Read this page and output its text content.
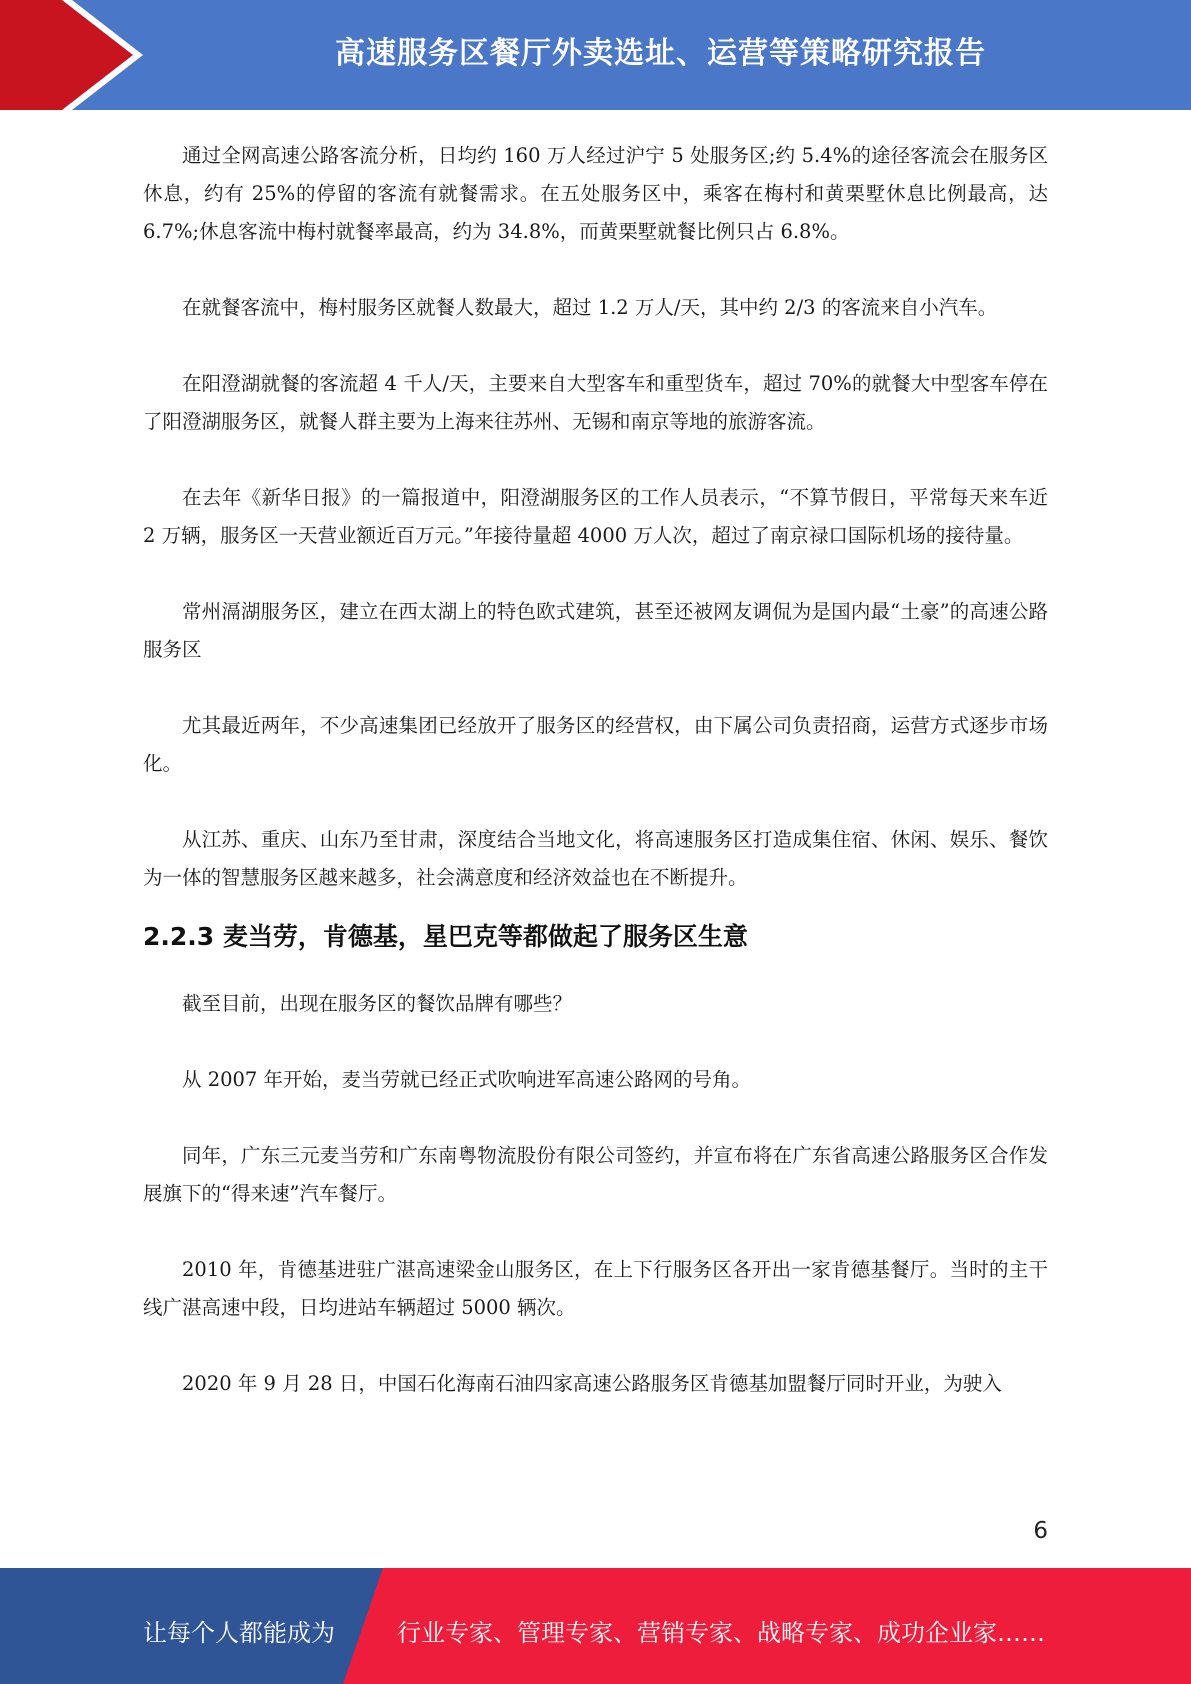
高速服务区餐厅外卖选址、运营等策略研究报告

通过全网高速公路客流分析，日均约 160 万人经过沪宁 5 处服务区;约 5.4%的途径客流会在服务区休息，约有 25%的停留的客流有就餐需求。在五处服务区中，乘客在梅村和黄栗墅休息比例最高，达 6.7%;休息客流中梅村就餐率最高，约为 34.8%，而黄栗墅就餐比例只占 6.8%。

在就餐客流中，梅村服务区就餐人数最大，超过 1.2 万人/天，其中约 2/3 的客流来自小汽车。

在阳澄湖就餐的客流超 4 千人/天，主要来自大型客车和重型货车，超过 70%的就餐大中型客车停在了阳澄湖服务区，就餐人群主要为上海来往苏州、无锡和南京等地的旅游客流。

在去年《新华日报》的一篇报道中，阳澄湖服务区的工作人员表示，“不算节假日，平常每天来车近 2 万辆，服务区一天营业额近百万元。”年接待量超 4000 万人次，超过了南京禄口国际机场的接待量。

常州滆湖服务区，建立在西太湖上的特色欧式建筑，甚至还被网友调侃为是国内最“土豪”的高速公路服务区

尤其最近两年，不少高速集团已经放开了服务区的经营权，由下属公司负责招商，运营方式逐步市场化。

从江苏、重庆、山东乃至甘肃，深度结合当地文化，将高速服务区打造成集住宿、休闲、娱乐、餐饮为一体的智慧服务区越来越多，社会满意度和经济效益也在不断提升。

2.2.3 麦当劳，肯德基，星巴克等都做起了服务区生意

截至目前，出现在服务区的餐饮品牌有哪些？

从 2007 年开始，麦当劳就已经正式吹响进军高速公路网的号角。

同年，广东三元麦当劳和广东南粤物流股份有限公司签约，并宣布将在广东省高速公路服务区合作发展旗下的“得来速”汽车餐厅。

2010 年，肯德基进驻广湛高速梁金山服务区，在上下行服务区各开出一家肯德基餐厅。当时的主干线广湛高速中段，日均进站车辆超过 5000 辆次。

2020 年 9 月 28 日，中国石化海南石油四家高速公路服务区肯德基加盟餐厅同时开业，为驶入

6
让每个人都能成为	行业专家、管理专家、营销专家、战略专家、成功企业家……
